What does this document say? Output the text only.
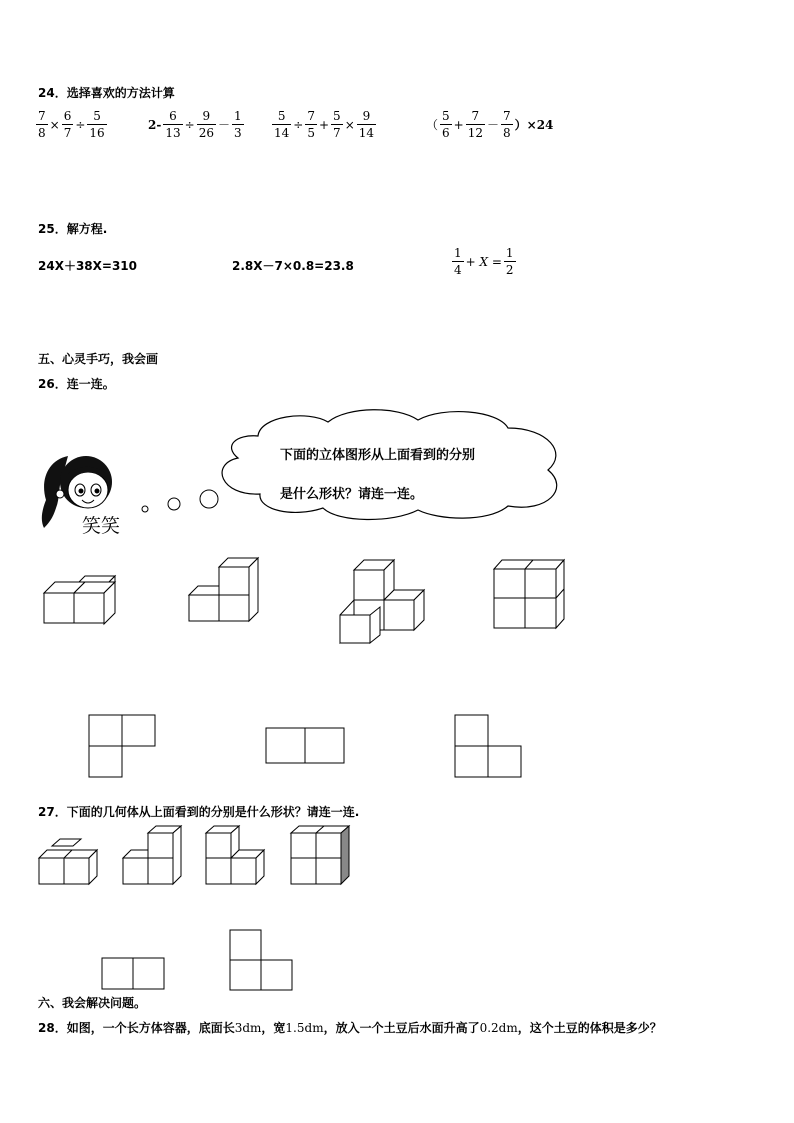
24．选择喜欢的方法计算
$\frac{7}{8} \times \frac{6}{7} \div \frac{5}{16}$	$2- \frac{6}{13} \div \frac{9}{26} - \frac{1}{3} \frac{5}{14} \div \frac{7}{5} + \frac{5}{7} \times \frac{9}{14}$	（ $\frac{5}{6} + \frac{7}{12} - \frac{7}{8} )\times 24$
25．解方程.
24X＋38X=310	2.8X－7×0.8=23.8	$\frac{1}{4} + X = \frac{1}{2}$
五、心灵手巧，我会画
26．连一连。
笑笑
下面的立体图形从上面看到的分别
是什么形状？请连一连。
27．下面的几何体从上面看到的分别是什么形状？请连一连.
六、我会解决问题。
28．如图，一个长方体容器，底面长3dm，宽1.5dm，放入一个土豆后水面升高了0.2dm，这个土豆的体积是多少？
